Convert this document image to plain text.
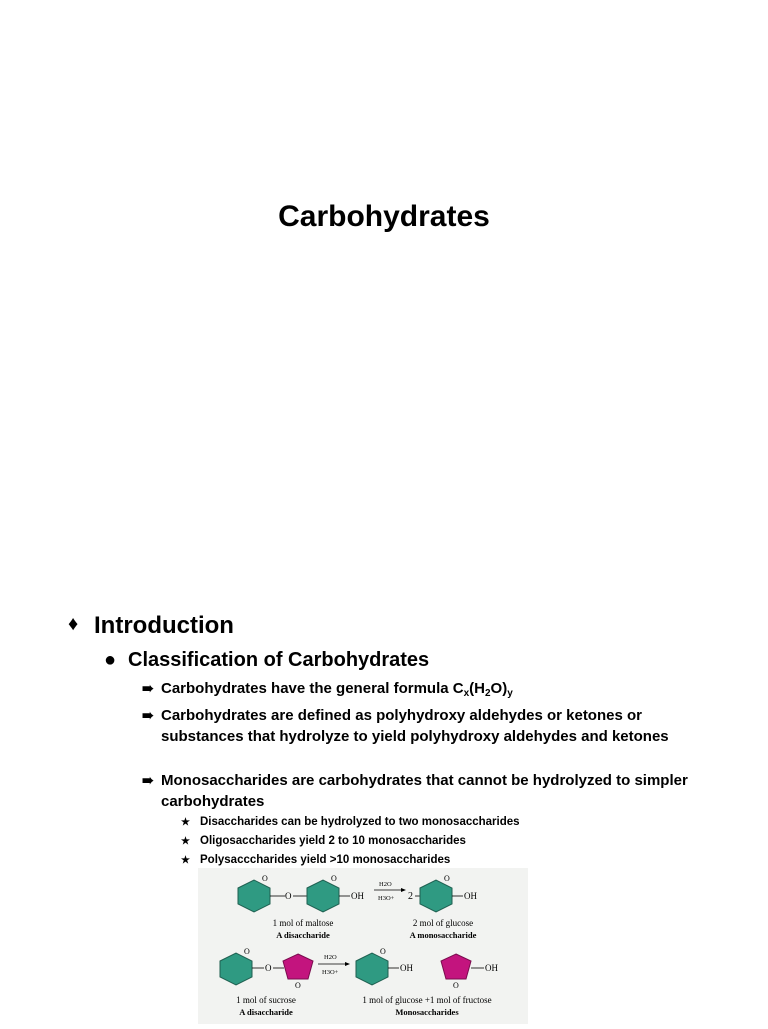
Carbohydrates
♦ Introduction
● Classification of Carbohydrates
➠ Carbohydrates have the general formula $C_x(H_2O)_y$
➠ Carbohydrates are defined as polyhydroxy aldehydes or ketones or substances that hydrolyze to yield polyhydroxy aldehydes and ketones
➠ Monosaccharides are carbohydrates that cannot be hydrolyzed to simpler carbohydrates
★ Disaccharides can be hydrolyzed to two monosaccharides
★ Oligosaccharides yield 2 to 10 monosaccharides
★ Polysacccharides yield >10 monosaccharides
O
O
O
OH
H2O
H3O+ 2
O
OH
1 mol of maltose
A disaccharide
2 mol of glucose
A monosaccharide
O
O
O
H2O
H3O+
O
OH
O
OH
1 mol of sucrose
A disaccharide
1 mol of glucose +1 mol of fructose
Monosaccharides
